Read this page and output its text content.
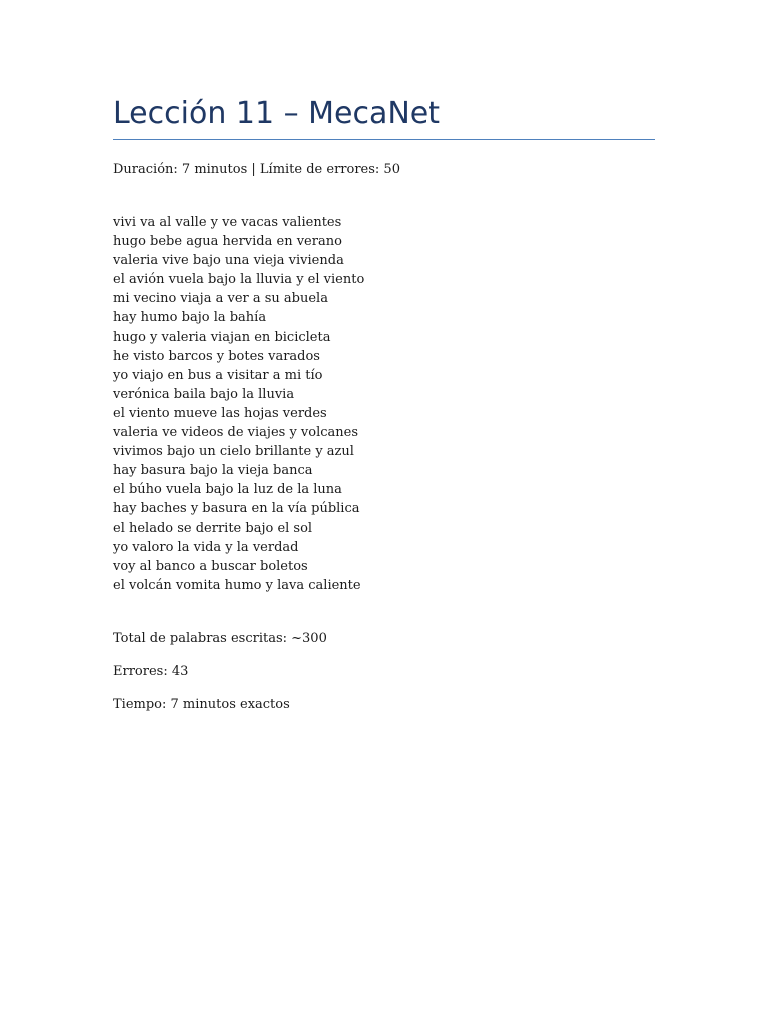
Lección 11 – MecaNet
Duración: 7 minutos | Límite de errores: 50
vivi va al valle y ve vacas valientes
hugo bebe agua hervida en verano
valeria vive bajo una vieja vivienda
el avión vuela bajo la lluvia y el viento
mi vecino viaja a ver a su abuela
hay humo bajo la bahía
hugo y valeria viajan en bicicleta
he visto barcos y botes varados
yo viajo en bus a visitar a mi tío
verónica baila bajo la lluvia
el viento mueve las hojas verdes
valeria ve videos de viajes y volcanes
vivimos bajo un cielo brillante y azul
hay basura bajo la vieja banca
el búho vuela bajo la luz de la luna
hay baches y basura en la vía pública
el helado se derrite bajo el sol
yo valoro la vida y la verdad
voy al banco a buscar boletos
el volcán vomita humo y lava caliente
Total de palabras escritas: ~300
Errores: 43
Tiempo: 7 minutos exactos
